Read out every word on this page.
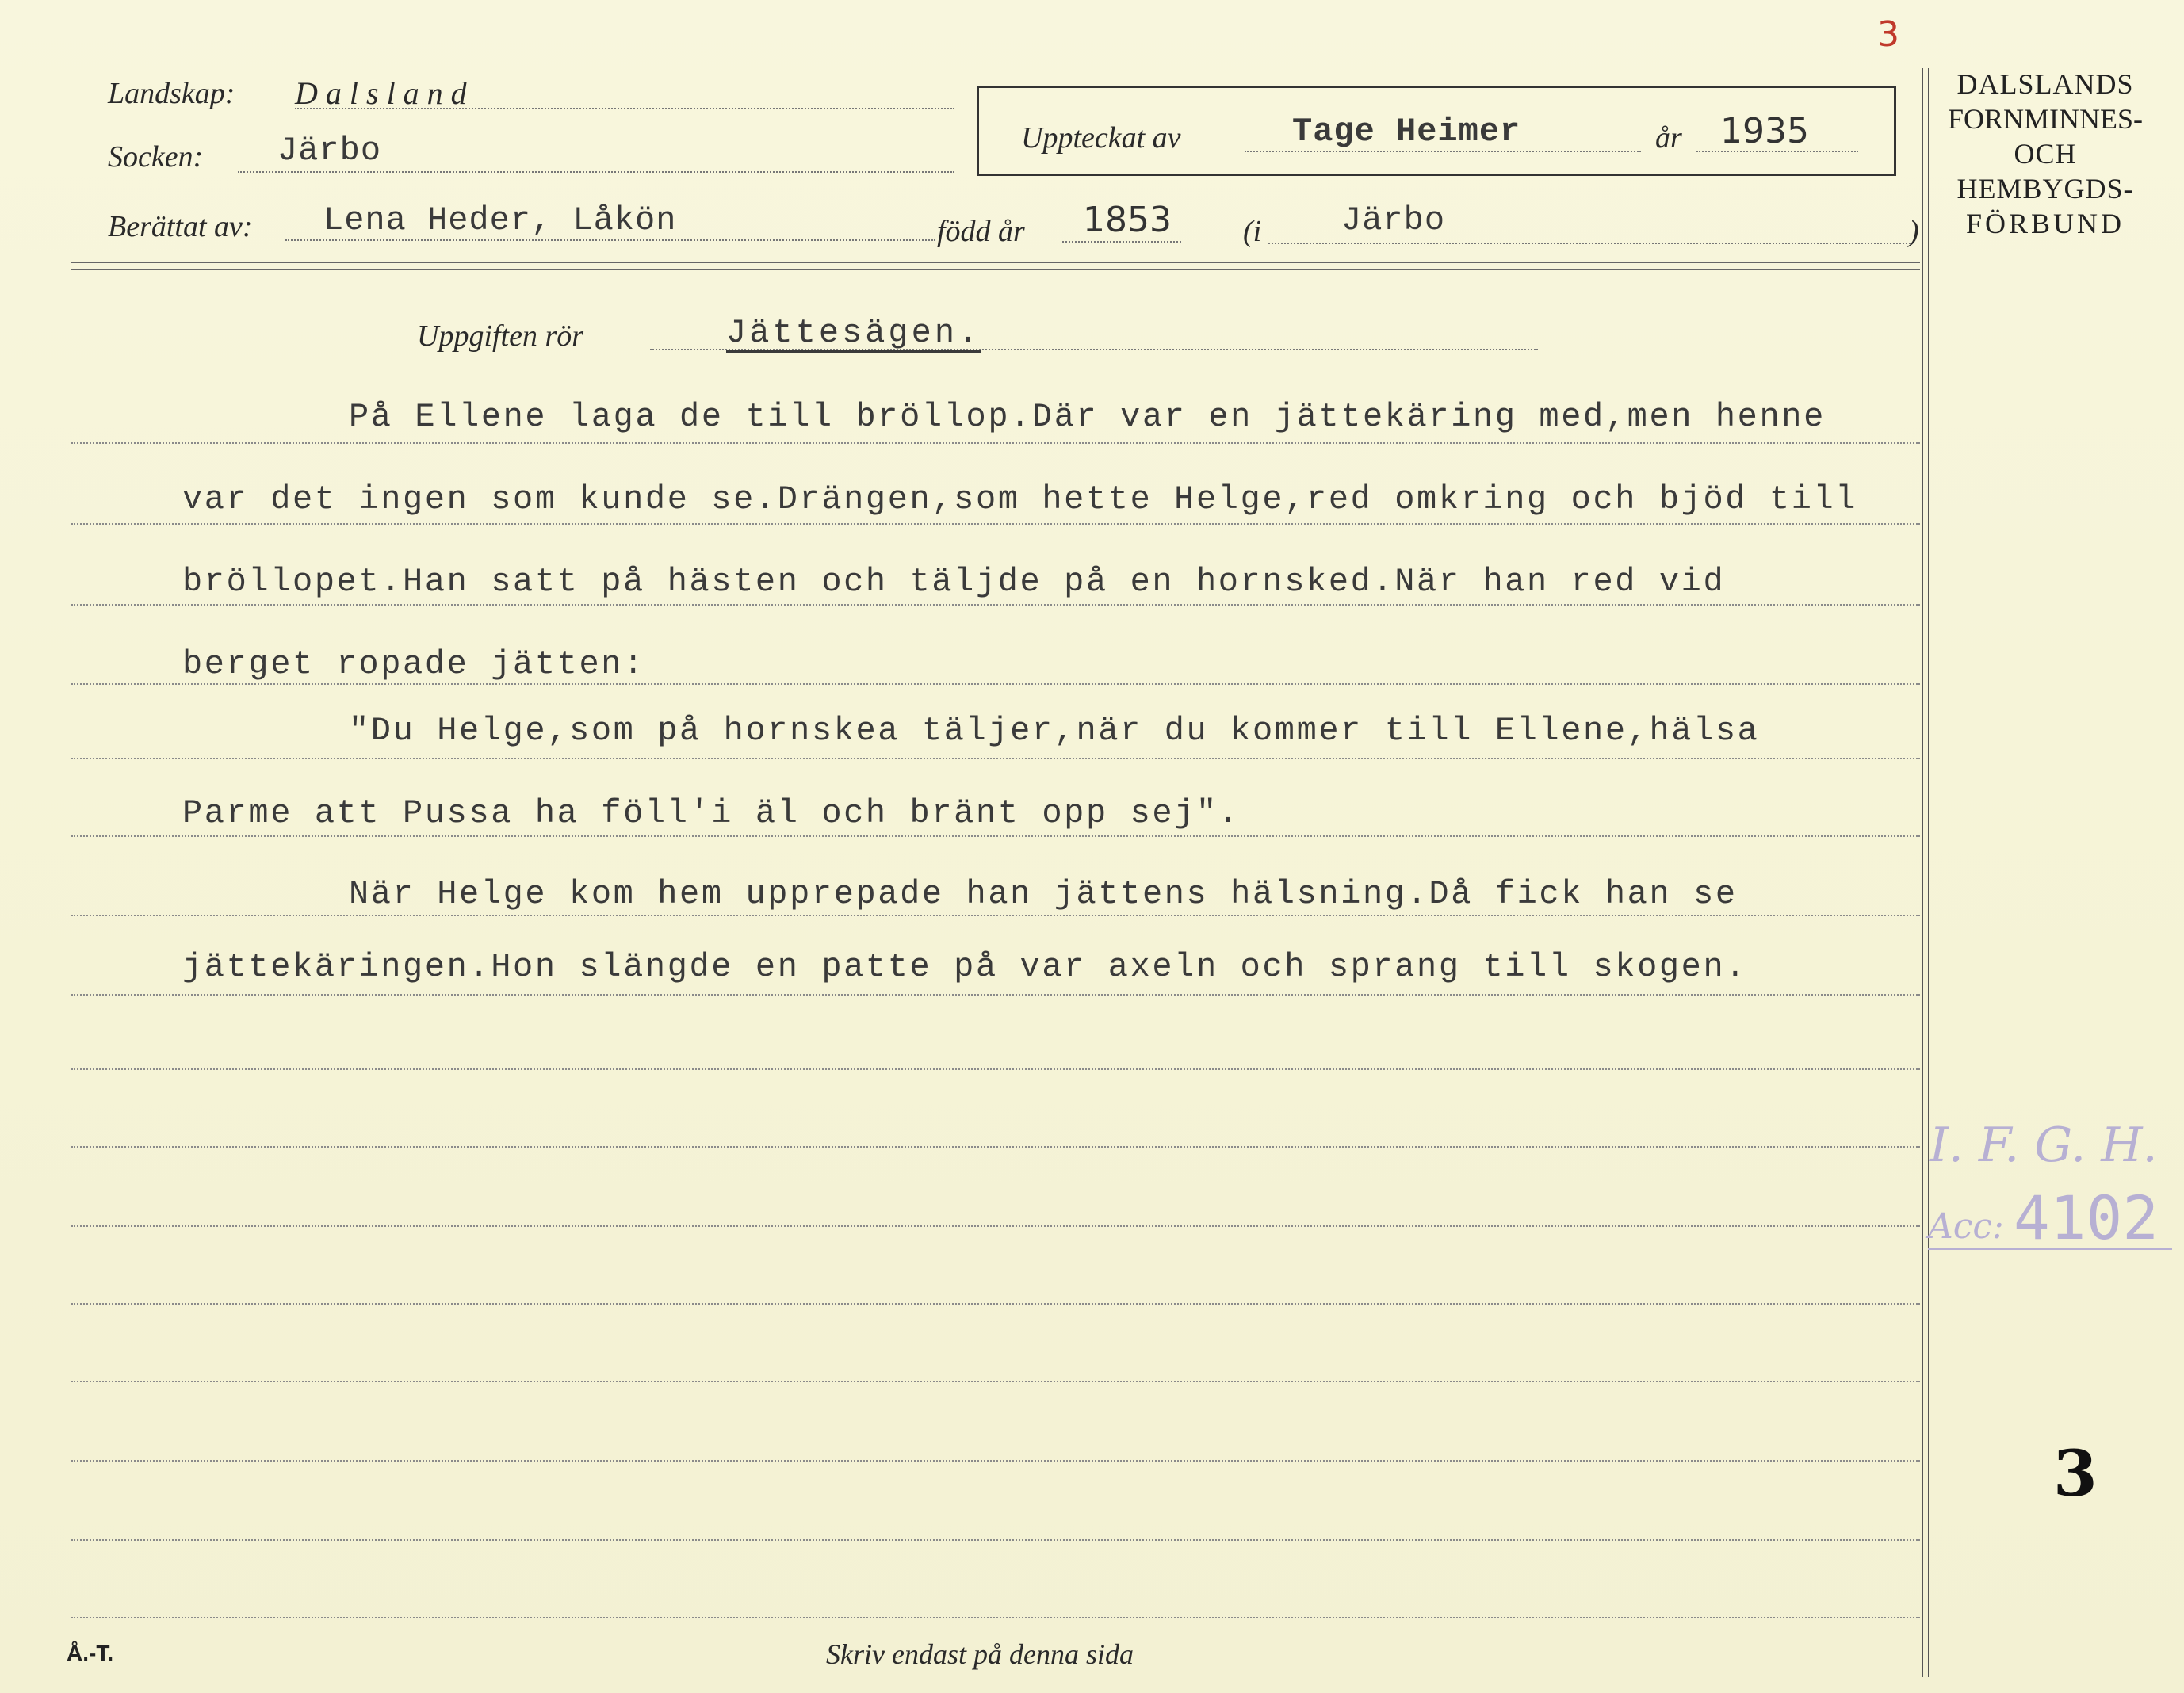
3
Landskap: D a l s l a n d
Socken: Järbo	Uppteckat av	Tage Heimer	år 1935
Berättat av: Lena Heder, Låkön	född år 1853 (i Järbo	)
DALSLANDS
FORNMINNES-
OCH
HEMBYGDS-
FÖRBUND
Uppgiften rör	Jättesägen.
På Ellene laga de till bröllop.Där var en jättekäring med,men henne
var det ingen som kunde se.Drängen,som hette Helge,red omkring och bjöd till
bröllopet.Han satt på hästen och täljde på en hornsked.När han red vid
berget ropade jätten:
"Du Helge,som på hornskea täljer,när du kommer till Ellene,hälsa
Parme att Pussa ha föll'i äl och bränt opp sej".
När Helge kom hem upprepade han jättens hälsning.Då fick han se
jättekäringen.Hon slängde en patte på var axeln och sprang till skogen.
I. F. G. H.
Acc: 4102
3
Å.-T.	Skriv endast på denna sida
